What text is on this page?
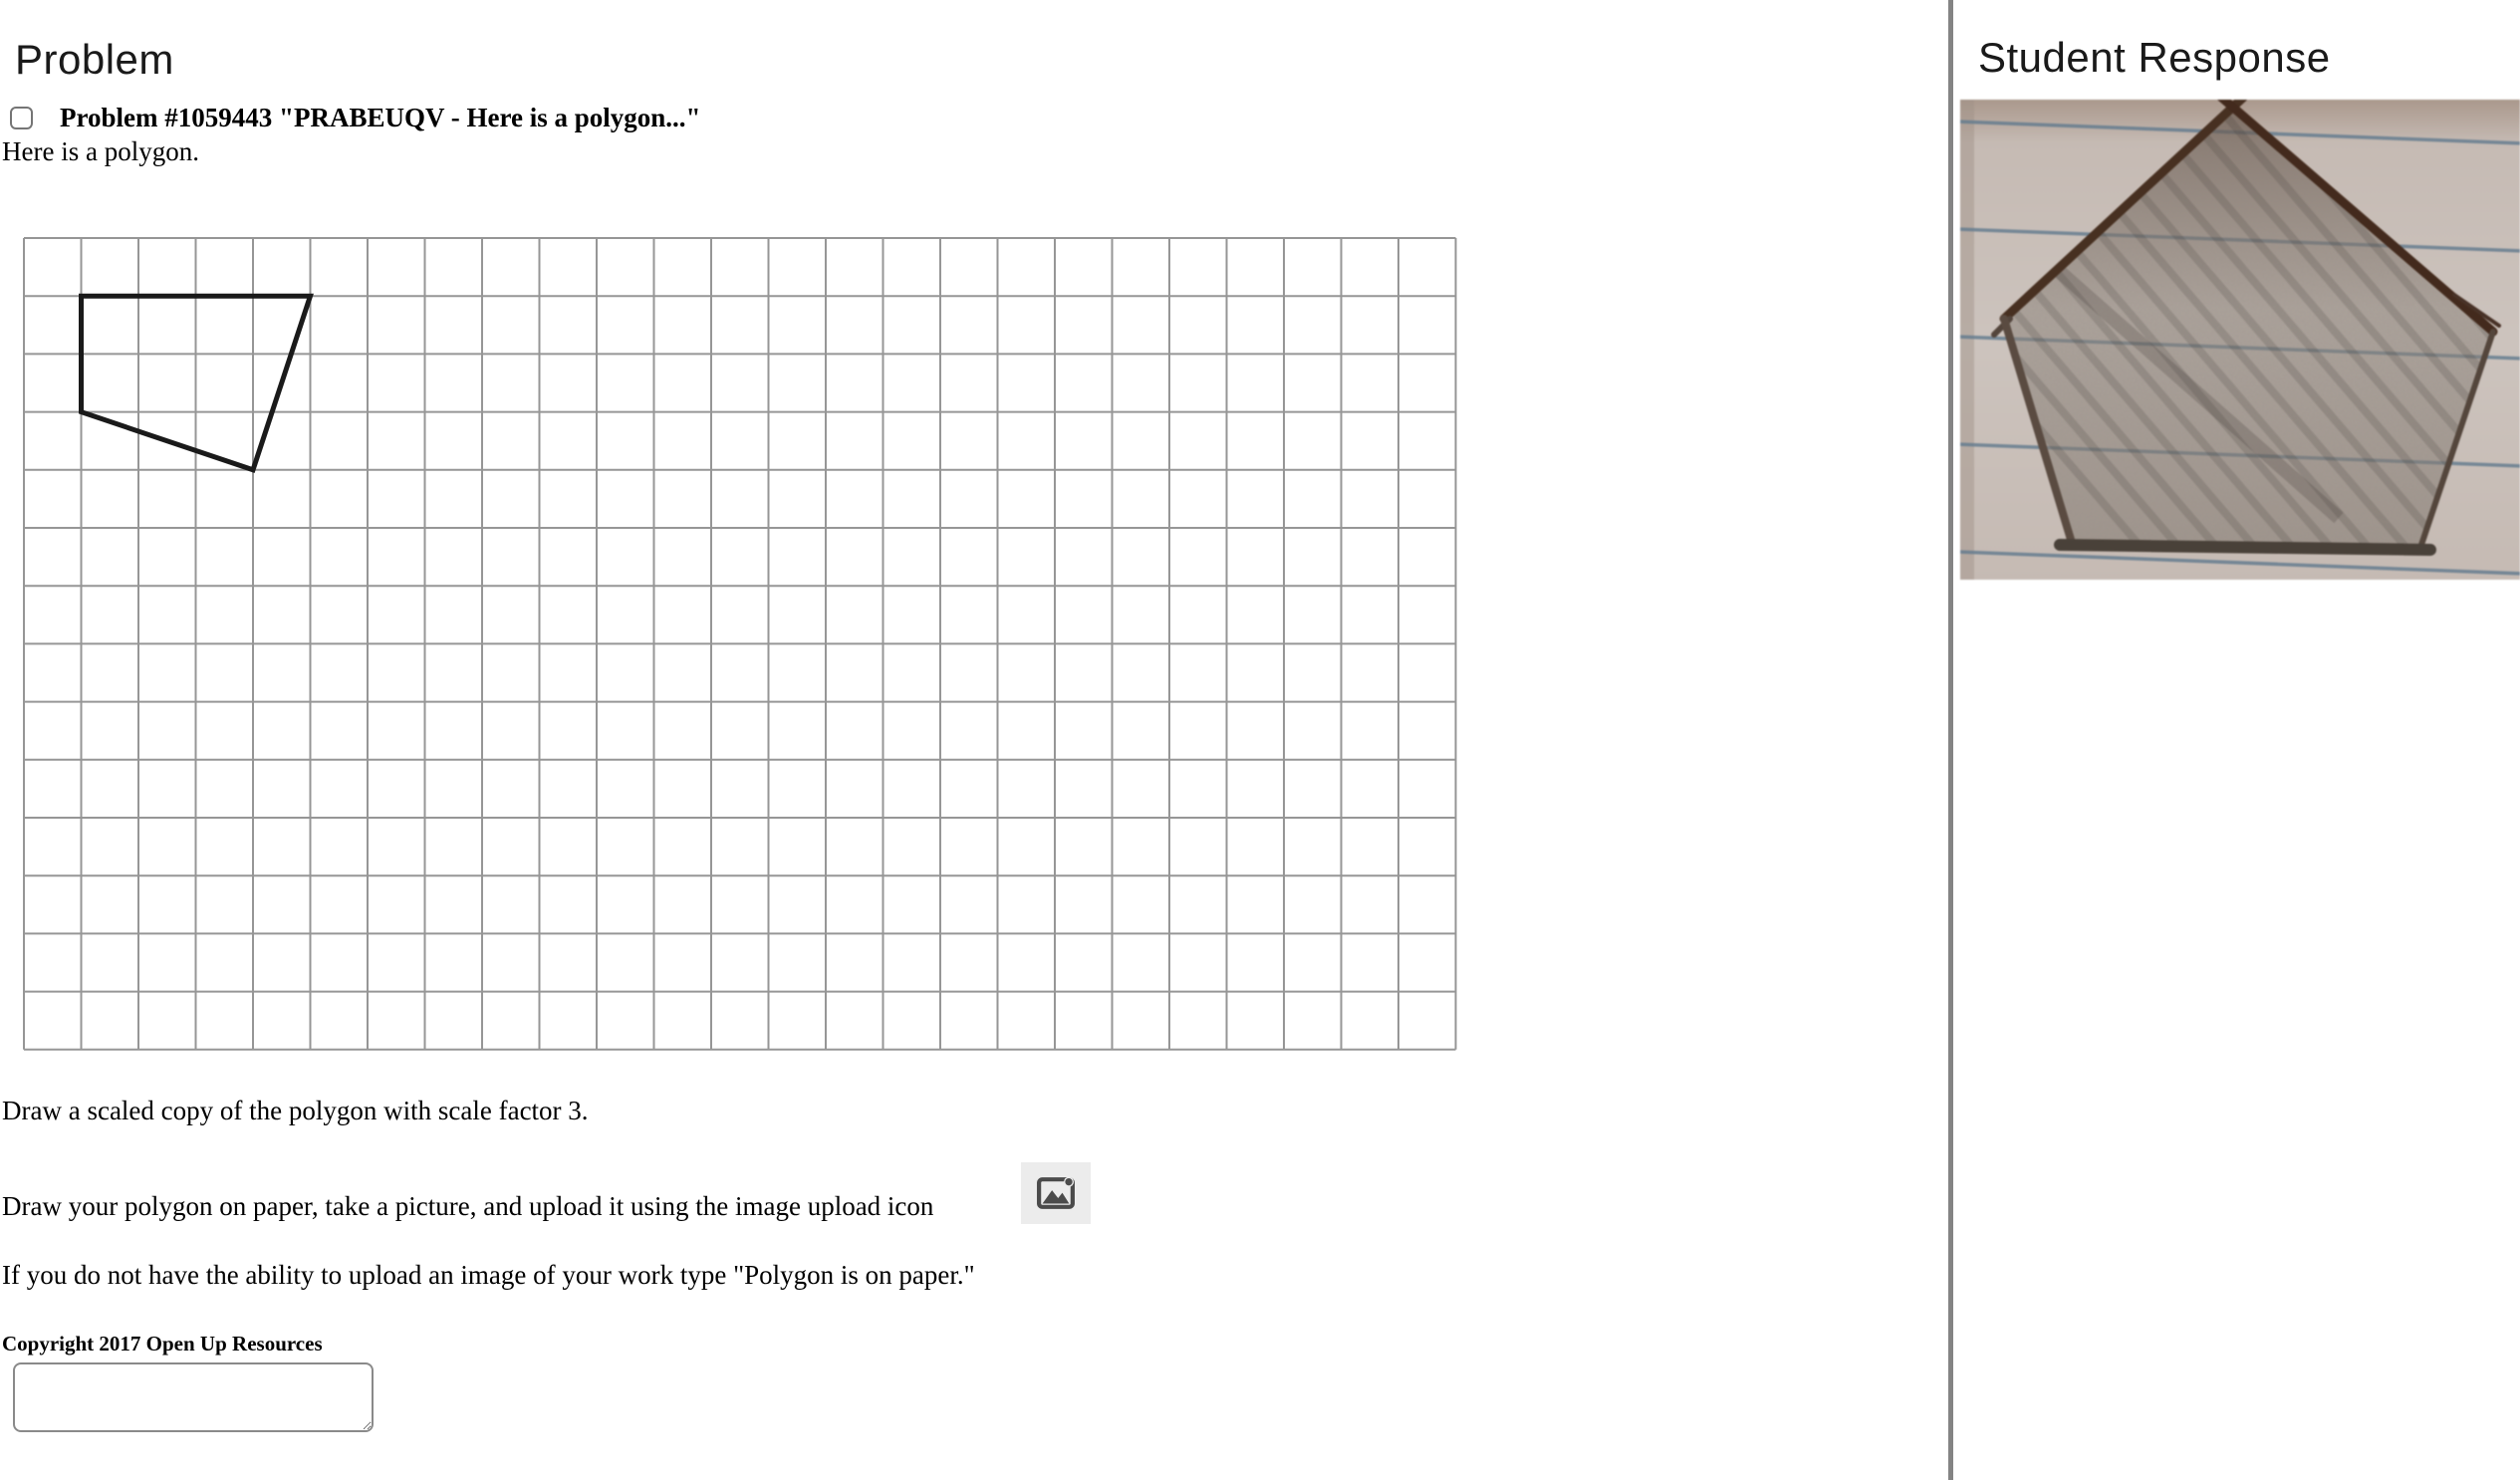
Problem
Problem #1059443 "PRABEUQV - Here is a polygon..."

Here is a polygon.

Draw a scaled copy of the polygon with scale factor 3.

Draw your polygon on paper, take a picture, and upload it using the image upload icon

If you do not have the ability to upload an image of your work type "Polygon is on paper."

Copyright 2017 Open Up Resources

Student Response
